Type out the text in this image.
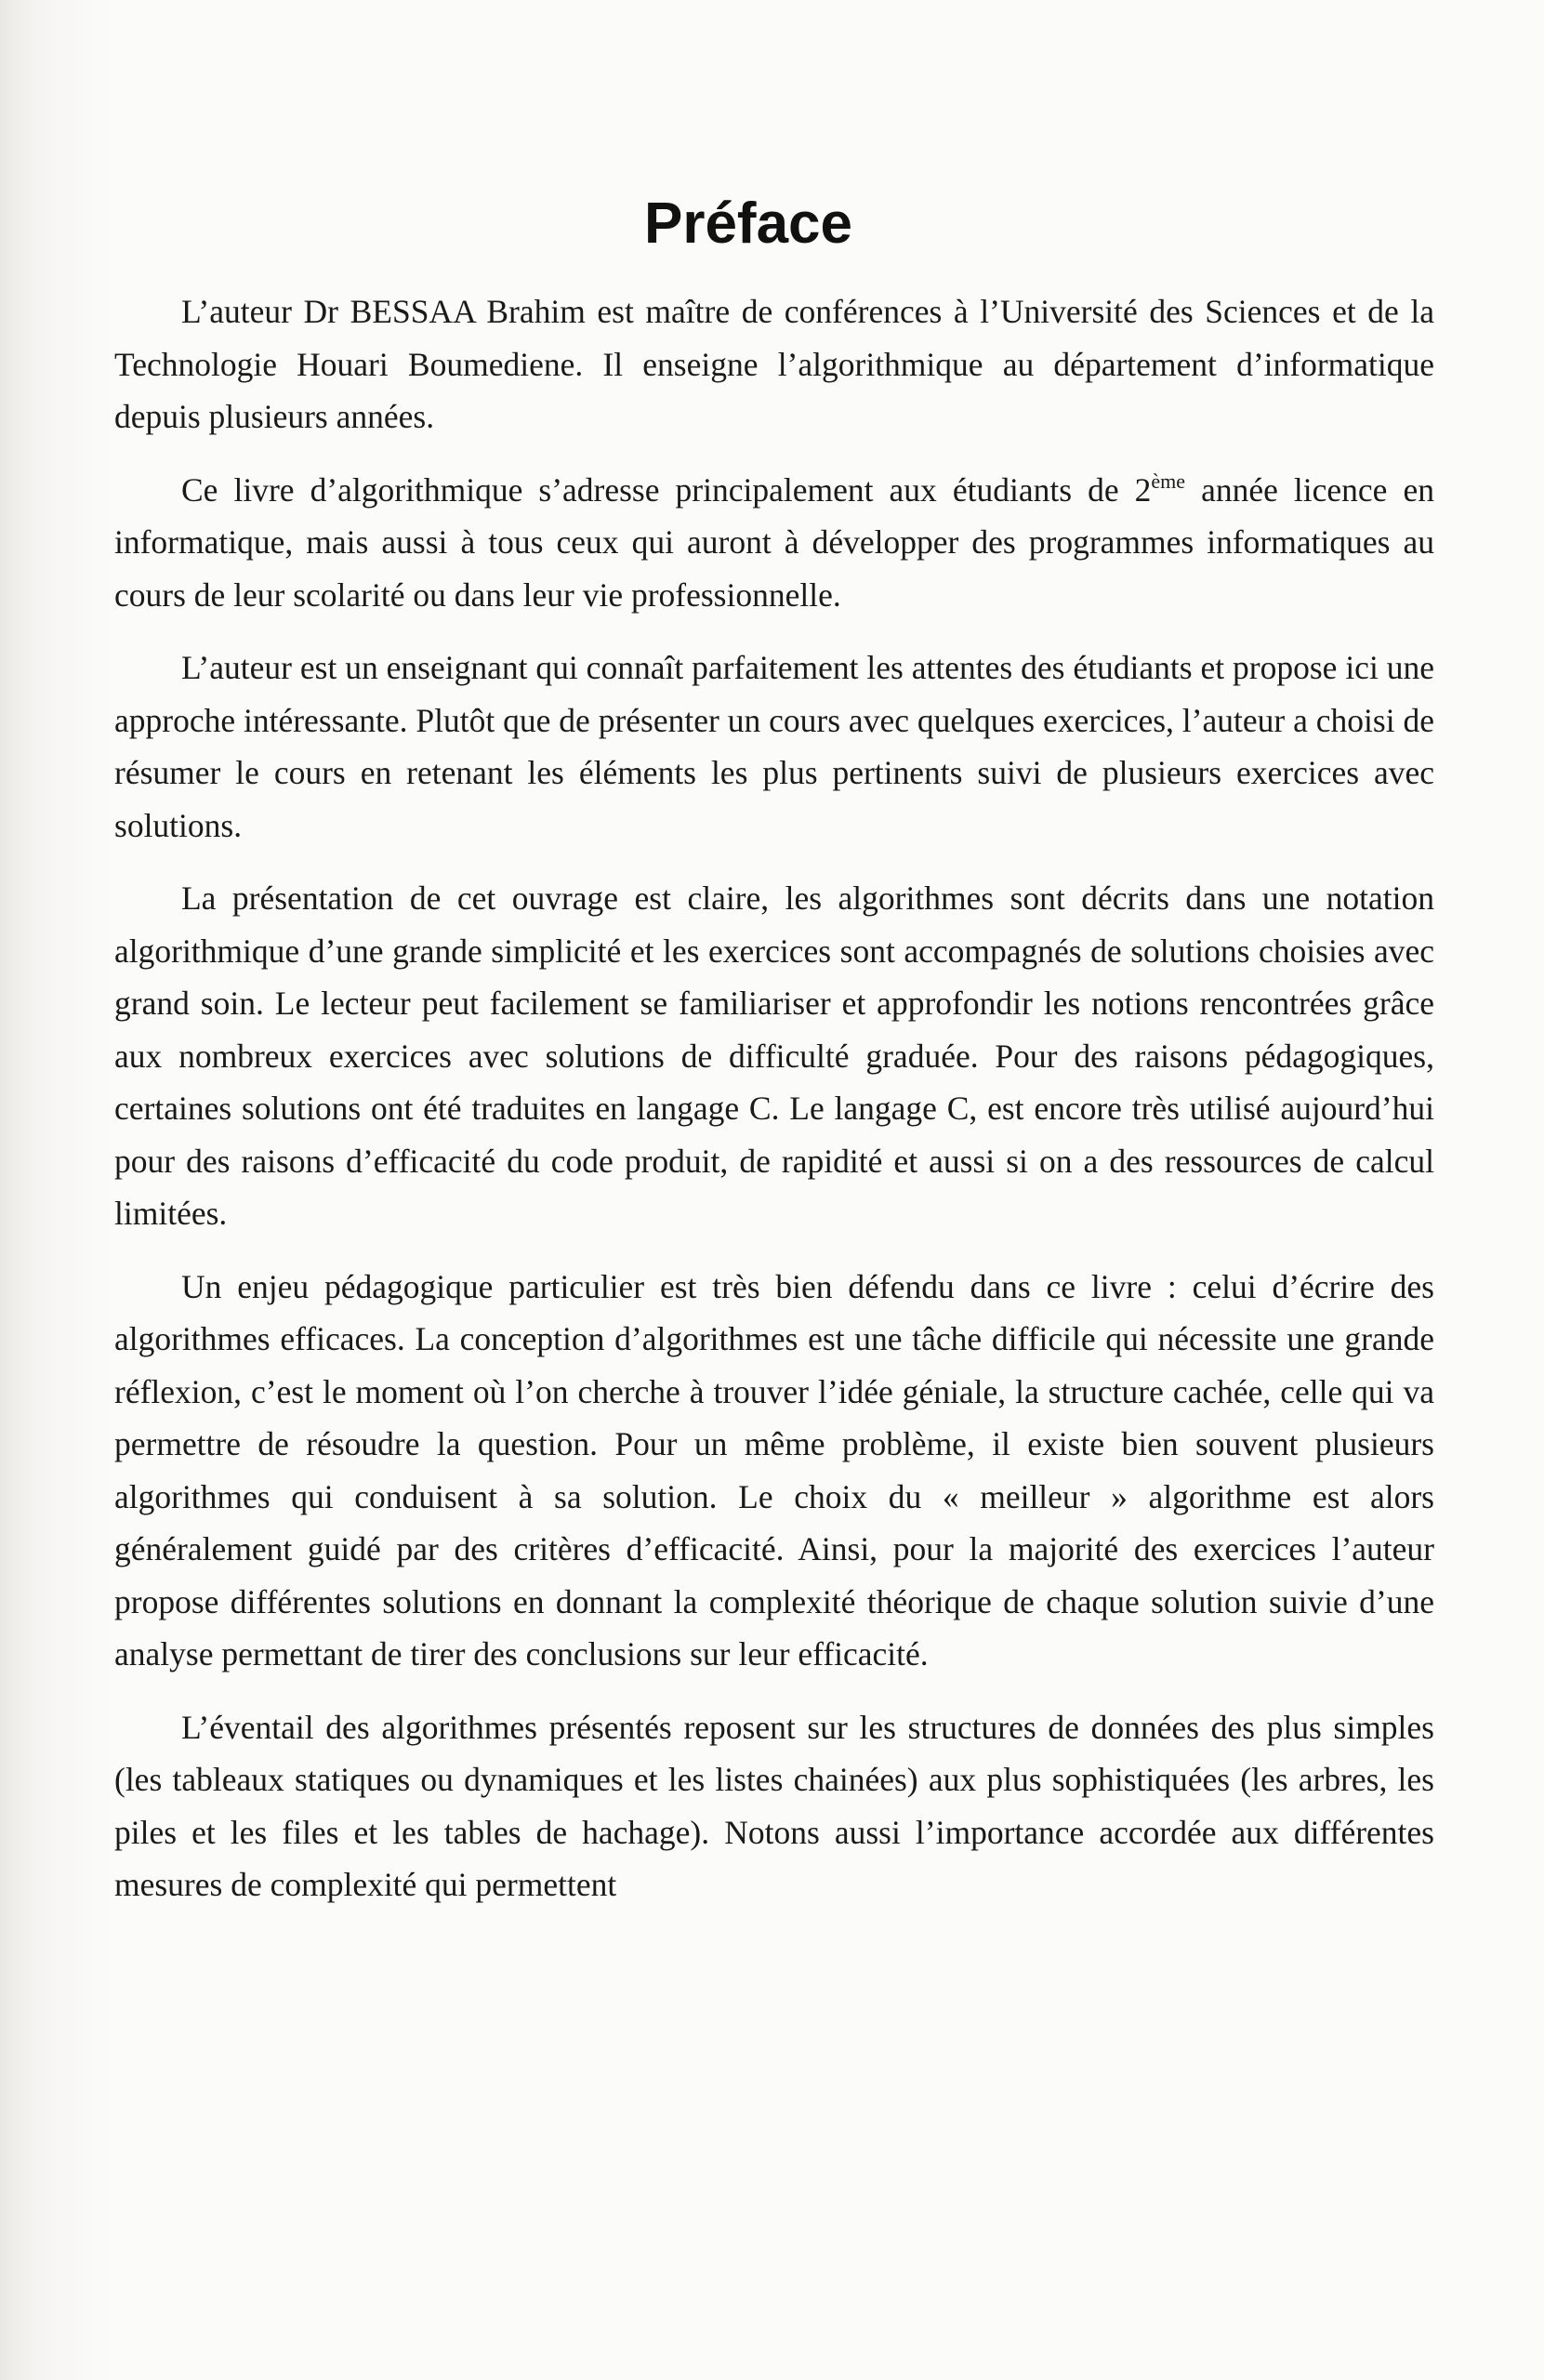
Préface

L’auteur Dr BESSAA Brahim est maître de conférences à l’Université des Sciences et de la Technologie Houari Boumediene. Il enseigne l’algorithmique au département d’informatique depuis plusieurs années.

Ce livre d’algorithmique s’adresse principalement aux étudiants de 2ème année licence en informatique, mais aussi à tous ceux qui auront à développer des programmes informatiques au cours de leur scolarité ou dans leur vie professionnelle.

L’auteur est un enseignant qui connaît parfaitement les attentes des étudiants et propose ici une approche intéressante. Plutôt que de présenter un cours avec quelques exercices, l’auteur a choisi de résumer le cours en retenant les éléments les plus pertinents suivi de plusieurs exercices avec solutions.

La présentation de cet ouvrage est claire, les algorithmes sont décrits dans une notation algorithmique d’une grande simplicité et les exercices sont accompagnés de solutions choisies avec grand soin. Le lecteur peut facilement se familiariser et approfondir les notions rencontrées grâce aux nombreux exercices avec solutions de difficulté graduée. Pour des raisons pédagogiques, certaines solutions ont été traduites en langage C. Le langage C, est encore très utilisé aujourd’hui pour des raisons d’efficacité du code produit, de rapidité et aussi si on a des ressources de calcul limitées.

Un enjeu pédagogique particulier est très bien défendu dans ce livre : celui d’écrire des algorithmes efficaces. La conception d’algorithmes est une tâche difficile qui nécessite une grande réflexion, c’est le moment où l’on cherche à trouver l’idée géniale, la structure cachée, celle qui va permettre de résoudre la question. Pour un même problème, il existe bien souvent plusieurs algorithmes qui conduisent à sa solution. Le choix du « meilleur » algorithme est alors généralement guidé par des critères d’efficacité. Ainsi, pour la majorité des exercices l’auteur propose différentes solutions en donnant la complexité théorique de chaque solution suivie d’une analyse permettant de tirer des conclusions sur leur efficacité.

L’éventail des algorithmes présentés reposent sur les structures de données des plus simples (les tableaux statiques ou dynamiques et les listes chainées) aux plus sophistiquées (les arbres, les piles et les files et les tables de hachage). Notons aussi l’importance accordée aux différentes mesures de complexité qui permettent
